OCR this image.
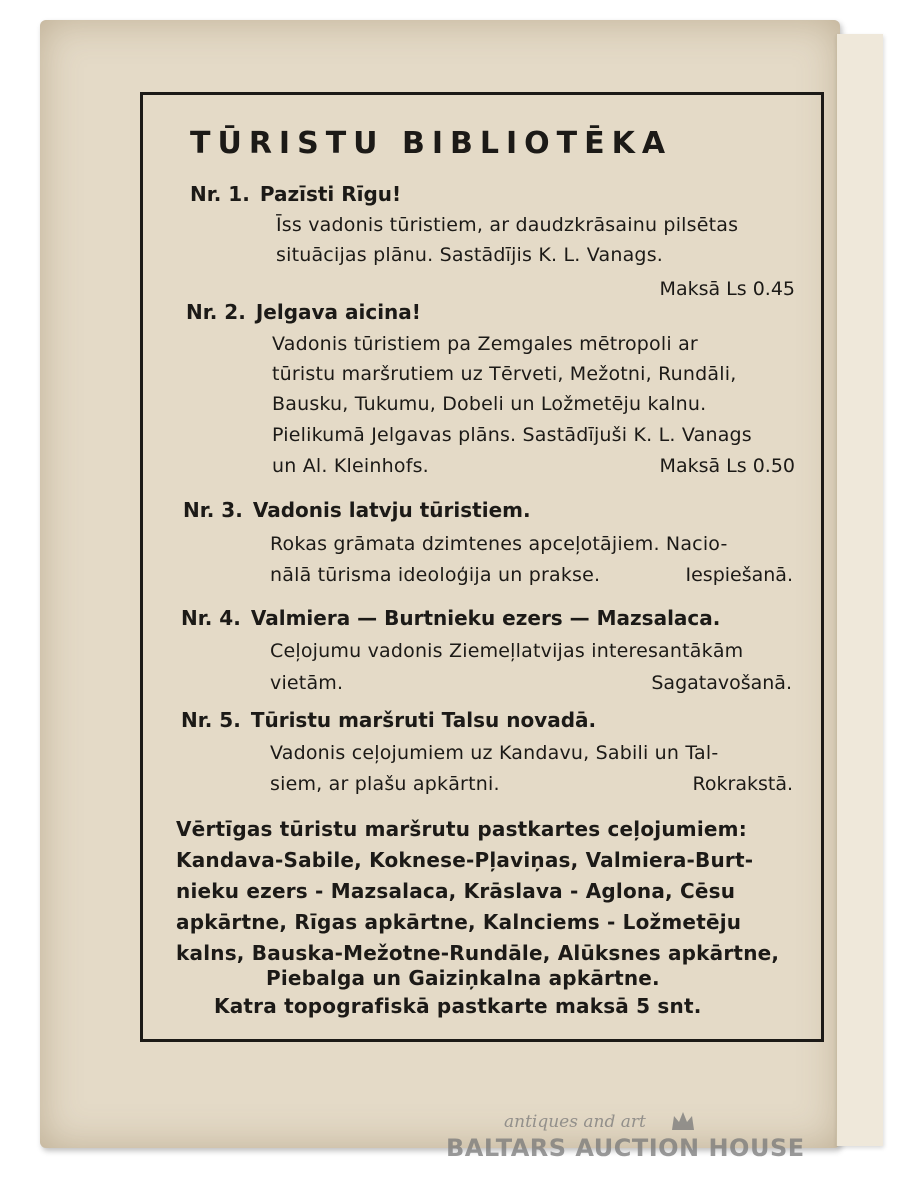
TŪRISTU BIBLIOTĒKA
Nr. 1. Pazīsti Rīgu!
Īss vadonis tūristiem, ar daudzkrāsainu pilsētas
situācijas plānu. Sastādījis K. L. Vanags.
Maksā Ls 0.45
Nr. 2. Jelgava aicina!
Vadonis tūristiem pa Zemgales mētropoli ar
tūristu maršrutiem uz Tērveti, Mežotni, Rundāli,
Bausku, Tukumu, Dobeli un Ložmetēju kalnu.
Pielikumā Jelgavas plāns. Sastādījuši K. L. Vanags
un Al. Kleinhofs.	Maksā Ls 0.50
Nr. 3. Vadonis latvju tūristiem.
Rokas grāmata dzimtenes apceļotājiem. Nacio-
nālā tūrisma ideoloģija un prakse.	Iespiešanā.
Nr. 4. Valmiera — Burtnieku ezers — Mazsalaca.
Ceļojumu vadonis Ziemeļlatvijas interesantākām
vietām.	Sagatavošanā.
Nr. 5. Tūristu maršruti Talsu novadā.
Vadonis ceļojumiem uz Kandavu, Sabili un Tal-
siem, ar plašu apkārtni.	Rokrakstā.
Vērtīgas tūristu maršrutu pastkartes ceļojumiem:
Kandava-Sabile, Koknese-Pļaviņas, Valmiera-Burt-
nieku ezers - Mazsalaca, Krāslava - Aglona, Cēsu
apkārtne, Rīgas apkārtne, Kalnciems - Ložmetēju
kalns, Bauska-Mežotne-Rundāle, Alūksnes apkārtne,
Piebalga un Gaiziņkalna apkārtne.
Katra topografiskā pastkarte maksā 5 snt.
antiques and art
BALTARS AUCTION HOUSE
